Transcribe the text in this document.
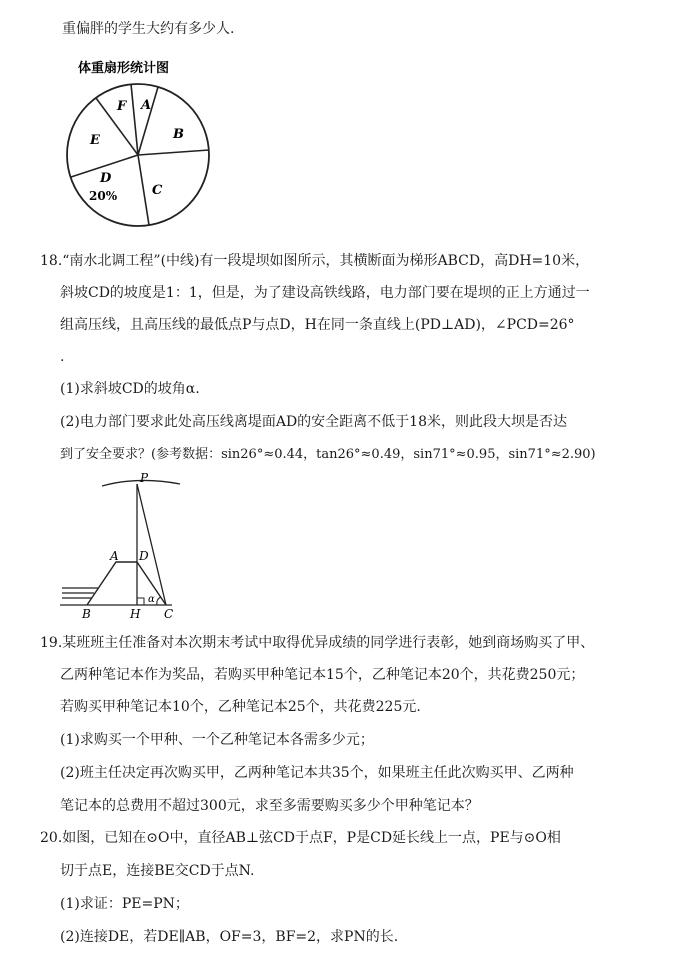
重偏胖的学生大约有多少人.
体重扇形统计图
F A
B
E
D
20%	C
18.“南水北调工程”(中线)有一段堤坝如图所示，其横断面为梯形ABCD，高DH=10米，
斜坡CD的坡度是1：1，但是，为了建设高铁线路，电力部门要在堤坝的正上方通过一
组高压线，且高压线的最低点P与点D，H在同一条直线上(PD⊥AD)，∠PCD=26°
.
(1)求斜坡CD的坡角α.
(2)电力部门要求此处高压线离堤面AD的安全距离不低于18米，则此段大坝是否达
到了安全要求？(参考数据：sin26°≈0.44，tan26°≈0.49，sin71°≈0.95，sin71°≈2.90)
P
A D
B	H C
α
19.某班班主任准备对本次期末考试中取得优异成绩的同学进行表彰，她到商场购买了甲、
乙两种笔记本作为奖品，若购买甲种笔记本15个，乙种笔记本20个，共花费250元；
若购买甲种笔记本10个，乙种笔记本25个，共花费225元.
(1)求购买一个甲种、一个乙种笔记本各需多少元；
(2)班主任决定再次购买甲，乙两种笔记本共35个，如果班主任此次购买甲、乙两种
笔记本的总费用不超过300元，求至多需要购买多少个甲种笔记本？
20.如图，已知在⊙O中，直径AB⊥弦CD于点F，P是CD延长线上一点，PE与⊙O相
切于点E，连接BE交CD于点N.
(1)求证：PE=PN；
(2)连接DE，若DE∥AB，OF=3，BF=2，求PN的长.
